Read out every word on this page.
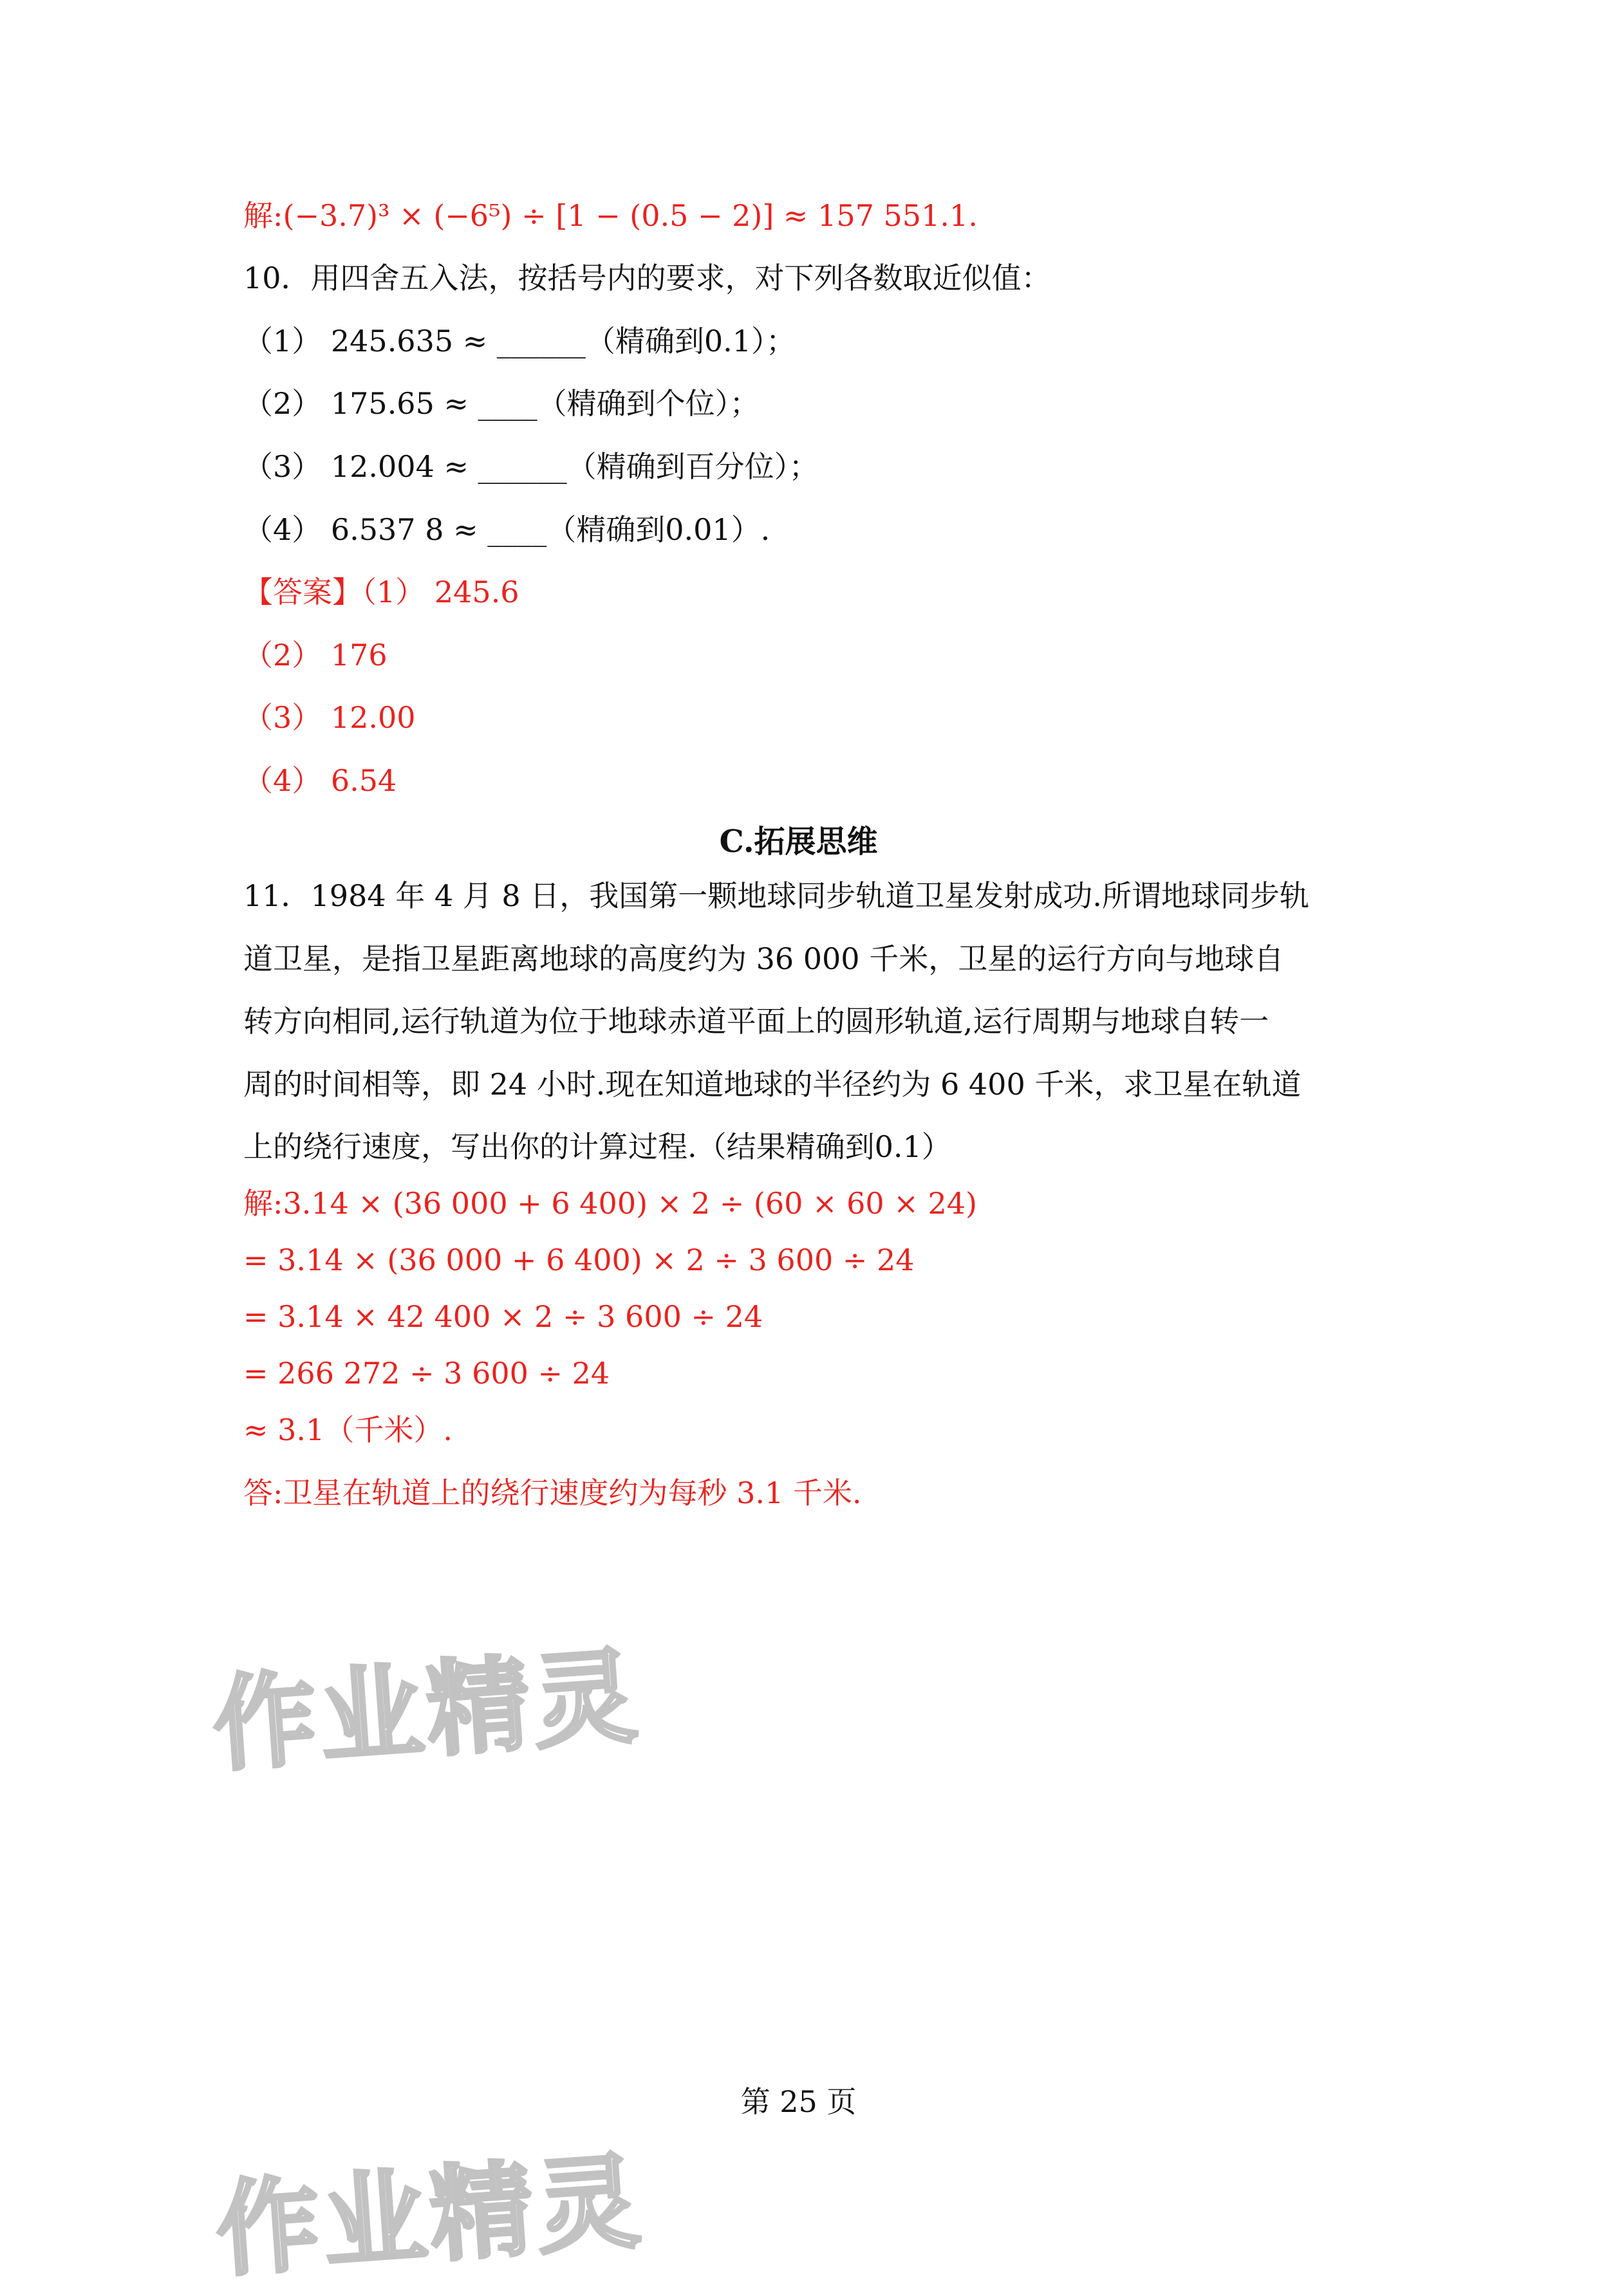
解:(−3.7)³ × (−6⁵) ÷ [1 − (0.5 − 2)] ≈ 157 551.1.
10．用四舍五入法，按括号内的要求，对下列各数取近似值：
（1） 245.635 ≈ ______（精确到0.1）；
（2） 175.65 ≈ ____（精确到个位）；
（3） 12.004 ≈ ______（精确到百分位）；
（4） 6.537 8 ≈ ____（精确到0.01）.
【答案】（1） 245.6
（2） 176
（3） 12.00
（4） 6.54
C.拓展思维
11．1984 年 4 月 8 日，我国第一颗地球同步轨道卫星发射成功.所谓地球同步轨
道卫星，是指卫星距离地球的高度约为 36 000 千米，卫星的运行方向与地球自
转方向相同,运行轨道为位于地球赤道平面上的圆形轨道,运行周期与地球自转一
周的时间相等，即 24 小时.现在知道地球的半径约为 6 400 千米，求卫星在轨道
上的绕行速度，写出你的计算过程.（结果精确到0.1）
解:3.14 × (36 000 + 6 400) × 2 ÷ (60 × 60 × 24)
= 3.14 × (36 000 + 6 400) × 2 ÷ 3 600 ÷ 24
= 3.14 × 42 400 × 2 ÷ 3 600 ÷ 24
= 266 272 ÷ 3 600 ÷ 24
≈ 3.1（千米）.
答:卫星在轨道上的绕行速度约为每秒 3.1 千米.
作业精灵
第 25 页
作业精灵
